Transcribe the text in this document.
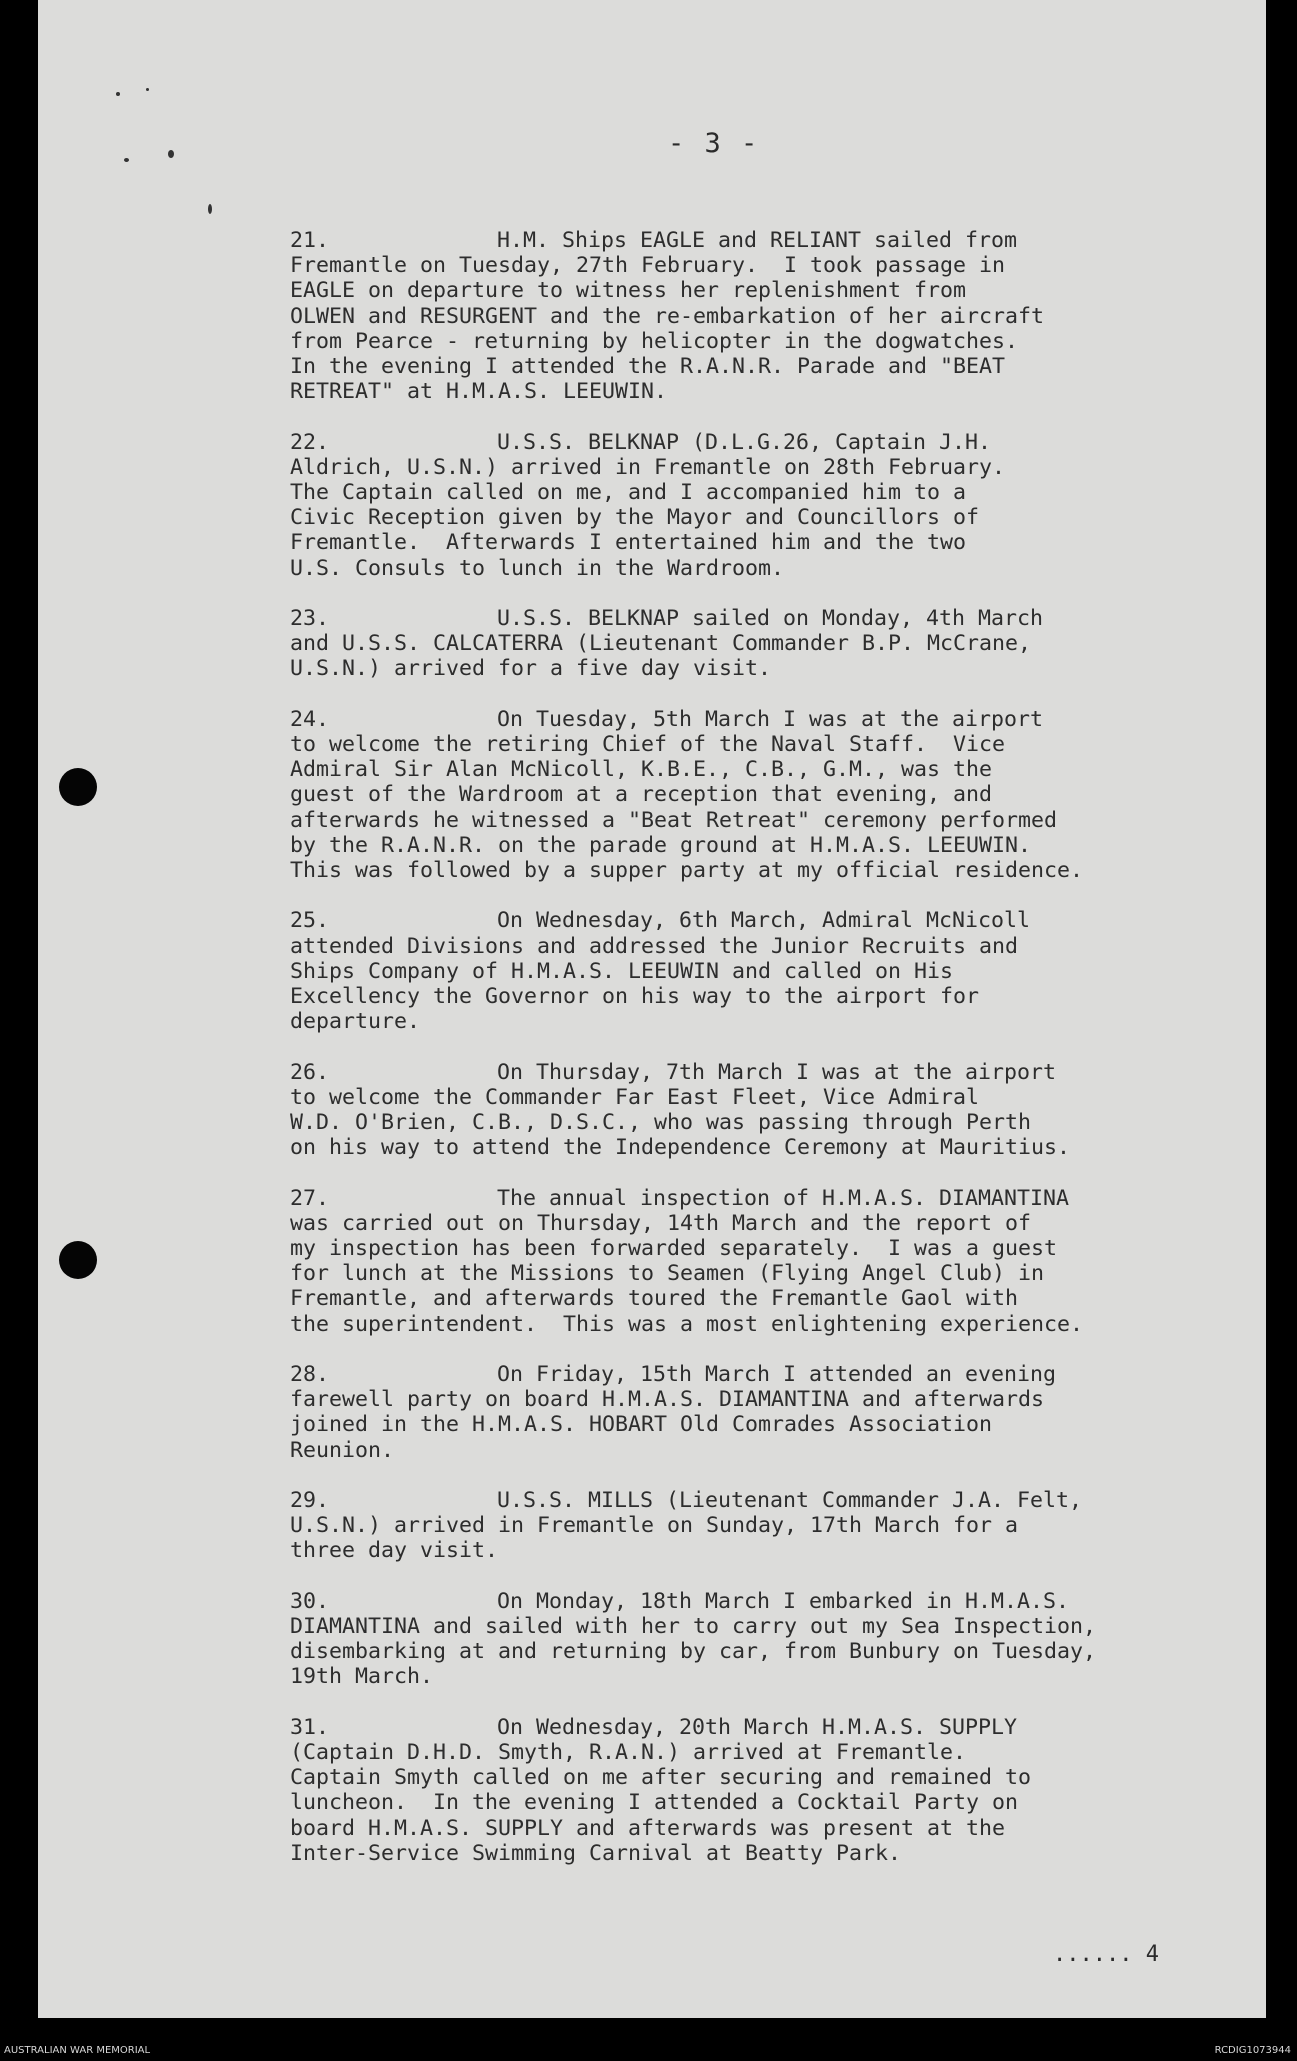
- 3 -
21.	H.M. Ships EAGLE and RELIANT sailed from
Fremantle on Tuesday, 27th February.  I took passage in
EAGLE on departure to witness her replenishment from
OLWEN and RESURGENT and the re-embarkation of her aircraft
from Pearce - returning by helicopter in the dogwatches.
In the evening I attended the R.A.N.R. Parade and "BEAT
RETREAT" at H.M.A.S. LEEUWIN.
22.	U.S.S. BELKNAP (D.L.G.26, Captain J.H.
Aldrich, U.S.N.) arrived in Fremantle on 28th February.
The Captain called on me, and I accompanied him to a
Civic Reception given by the Mayor and Councillors of
Fremantle.  Afterwards I entertained him and the two
U.S. Consuls to lunch in the Wardroom.
23.	U.S.S. BELKNAP sailed on Monday, 4th March
and U.S.S. CALCATERRA (Lieutenant Commander B.P. McCrane,
U.S.N.) arrived for a five day visit.
24.	On Tuesday, 5th March I was at the airport
to welcome the retiring Chief of the Naval Staff.  Vice
Admiral Sir Alan McNicoll, K.B.E., C.B., G.M., was the
guest of the Wardroom at a reception that evening, and
afterwards he witnessed a "Beat Retreat" ceremony performed
by the R.A.N.R. on the parade ground at H.M.A.S. LEEUWIN.
This was followed by a supper party at my official residence.
25.	On Wednesday, 6th March, Admiral McNicoll
attended Divisions and addressed the Junior Recruits and
Ships Company of H.M.A.S. LEEUWIN and called on His
Excellency the Governor on his way to the airport for
departure.
26.	On Thursday, 7th March I was at the airport
to welcome the Commander Far East Fleet, Vice Admiral
W.D. O'Brien, C.B., D.S.C., who was passing through Perth
on his way to attend the Independence Ceremony at Mauritius.
27.	The annual inspection of H.M.A.S. DIAMANTINA
was carried out on Thursday, 14th March and the report of
my inspection has been forwarded separately.  I was a guest
for lunch at the Missions to Seamen (Flying Angel Club) in
Fremantle, and afterwards toured the Fremantle Gaol with
the superintendent.  This was a most enlightening experience.
28.	On Friday, 15th March I attended an evening
farewell party on board H.M.A.S. DIAMANTINA and afterwards
joined in the H.M.A.S. HOBART Old Comrades Association
Reunion.
29.	U.S.S. MILLS (Lieutenant Commander J.A. Felt,
U.S.N.) arrived in Fremantle on Sunday, 17th March for a
three day visit.
30.	On Monday, 18th March I embarked in H.M.A.S.
DIAMANTINA and sailed with her to carry out my Sea Inspection,
disembarking at and returning by car, from Bunbury on Tuesday,
19th March.
31.	On Wednesday, 20th March H.M.A.S. SUPPLY
(Captain D.H.D. Smyth, R.A.N.) arrived at Fremantle.
Captain Smyth called on me after securing and remained to
luncheon.  In the evening I attended a Cocktail Party on
board H.M.A.S. SUPPLY and afterwards was present at the
Inter-Service Swimming Carnival at Beatty Park.
...... 4
AUSTRALIAN WAR MEMORIAL	RCDIG1073944
